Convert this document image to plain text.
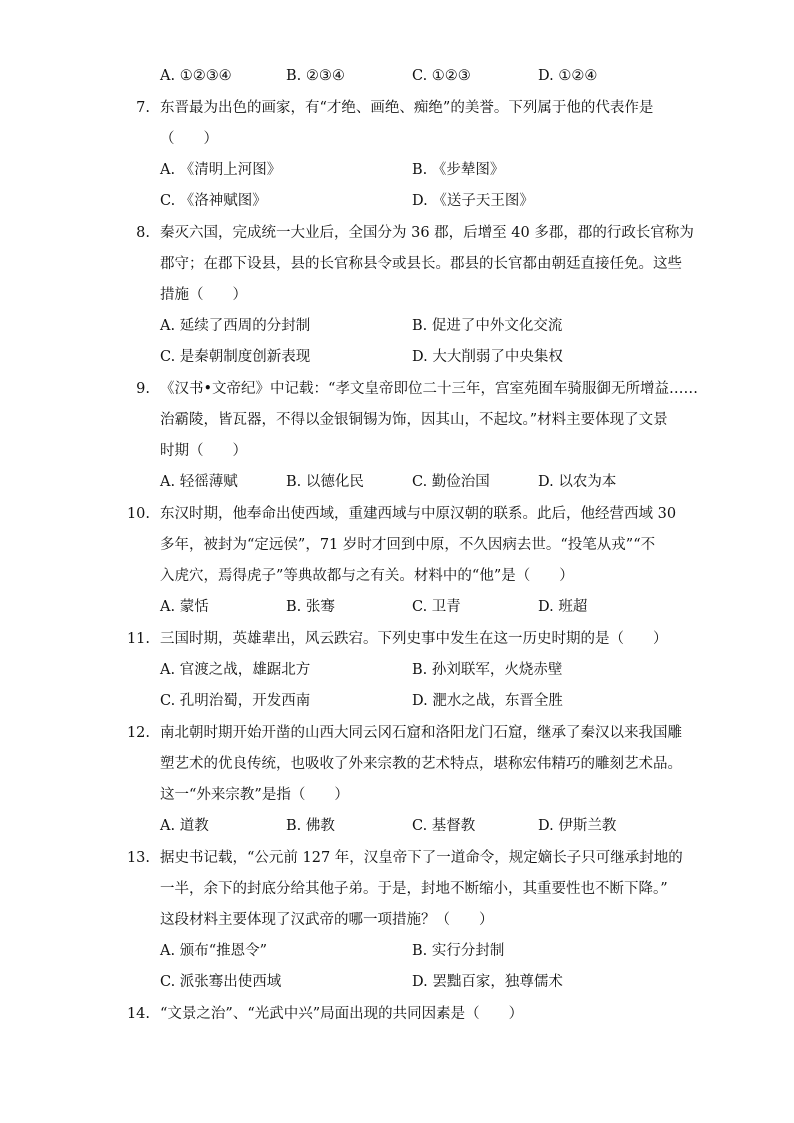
A. ①②③④	B. ②③④	C. ①②③	D. ①②④
7. 东晋最为出色的画家，有“才绝、画绝、痴绝”的美誉。下列属于他的代表作是
（　　）
A. 《清明上河图》	B. 《步辇图》
C. 《洛神赋图》	D. 《送子天王图》
8. 秦灭六国，完成统一大业后，全国分为 36 郡，后增至 40 多郡，郡的行政长官称为
郡守；在郡下设县，县的长官称县令或县长。郡县的长官都由朝廷直接任免。这些
措施（　　）
A. 延续了西周的分封制	B. 促进了中外文化交流
C. 是秦朝制度创新表现	D. 大大削弱了中央集权
9. 《汉书•文帝纪》中记载：“孝文皇帝即位二十三年，宫室苑囿车骑服御无所增益……
治霸陵，皆瓦器，不得以金银铜锡为饰，因其山，不起坟。”材料主要体现了文景
时期（　　）
A. 轻徭薄赋	B. 以德化民	C. 勤俭治国	D. 以农为本
10. 东汉时期，他奉命出使西域，重建西域与中原汉朝的联系。此后，他经营西域 30
多年，被封为“定远侯”，71 岁时才回到中原，不久因病去世。“投笔从戎”“不
入虎穴，焉得虎子”等典故都与之有关。材料中的“他”是（　　）
A. 蒙恬	B. 张骞	C. 卫青	D. 班超
11. 三国时期，英雄辈出，风云跌宕。下列史事中发生在这一历史时期的是（　　）
A. 官渡之战，雄踞北方	B. 孙刘联军，火烧赤壁
C. 孔明治蜀，开发西南	D. 淝水之战，东晋全胜
12. 南北朝时期开始开凿的山西大同云冈石窟和洛阳龙门石窟，继承了秦汉以来我国雕
塑艺术的优良传统，也吸收了外来宗教的艺术特点，堪称宏伟精巧的雕刻艺术品。
这一“外来宗教”是指（　　）
A. 道教	B. 佛教	C. 基督教	D. 伊斯兰教
13. 据史书记载，“公元前 127 年，汉皇帝下了一道命令，规定嫡长子只可继承封地的
一半，余下的封底分给其他子弟。于是，封地不断缩小，其重要性也不断下降。”
这段材料主要体现了汉武帝的哪一项措施？（　　）
A. 颁布“推恩令”	B. 实行分封制
C. 派张骞出使西域	D. 罢黜百家，独尊儒术
14. “文景之治”、“光武中兴”局面出现的共同因素是（　　）
